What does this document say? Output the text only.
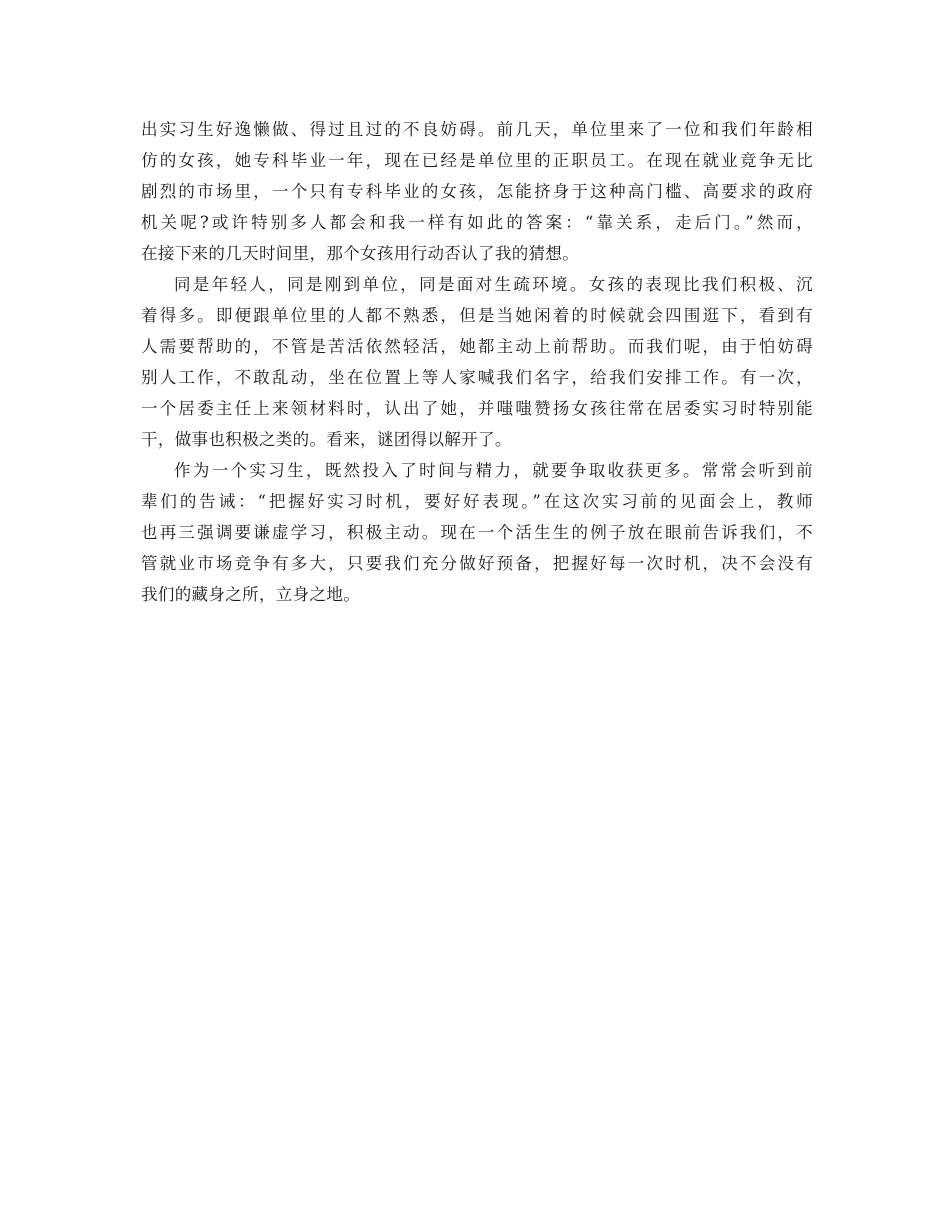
出实习生好逸懒做、得过且过的不良妨碍。前几天，单位里来了一位和我们年龄相
仿的女孩，她专科毕业一年，现在已经是单位里的正职员工。在现在就业竞争无比
剧烈的市场里，一个只有专科毕业的女孩，怎能挤身于这种高门槛、高要求的政府
机关呢?或许特别多人都会和我一样有如此的答案：“靠关系，走后门。”然而，
在接下来的几天时间里，那个女孩用行动否认了我的猜想。
同是年轻人，同是刚到单位，同是面对生疏环境。女孩的表现比我们积极、沉
着得多。即便跟单位里的人都不熟悉，但是当她闲着的时候就会四围逛下，看到有
人需要帮助的，不管是苦活依然轻活，她都主动上前帮助。而我们呢，由于怕妨碍
别人工作，不敢乱动，坐在位置上等人家喊我们名字，给我们安排工作。有一次，
一个居委主任上来领材料时，认出了她，并嗤嗤赞扬女孩往常在居委实习时特别能
干，做事也积极之类的。看来，谜团得以解开了。
作为一个实习生，既然投入了时间与精力，就要争取收获更多。常常会听到前
辈们的告诫：“把握好实习时机，要好好表现。”在这次实习前的见面会上，教师
也再三强调要谦虚学习，积极主动。现在一个活生生的例子放在眼前告诉我们，不
管就业市场竞争有多大，只要我们充分做好预备，把握好每一次时机，决不会没有
我们的藏身之所，立身之地。
